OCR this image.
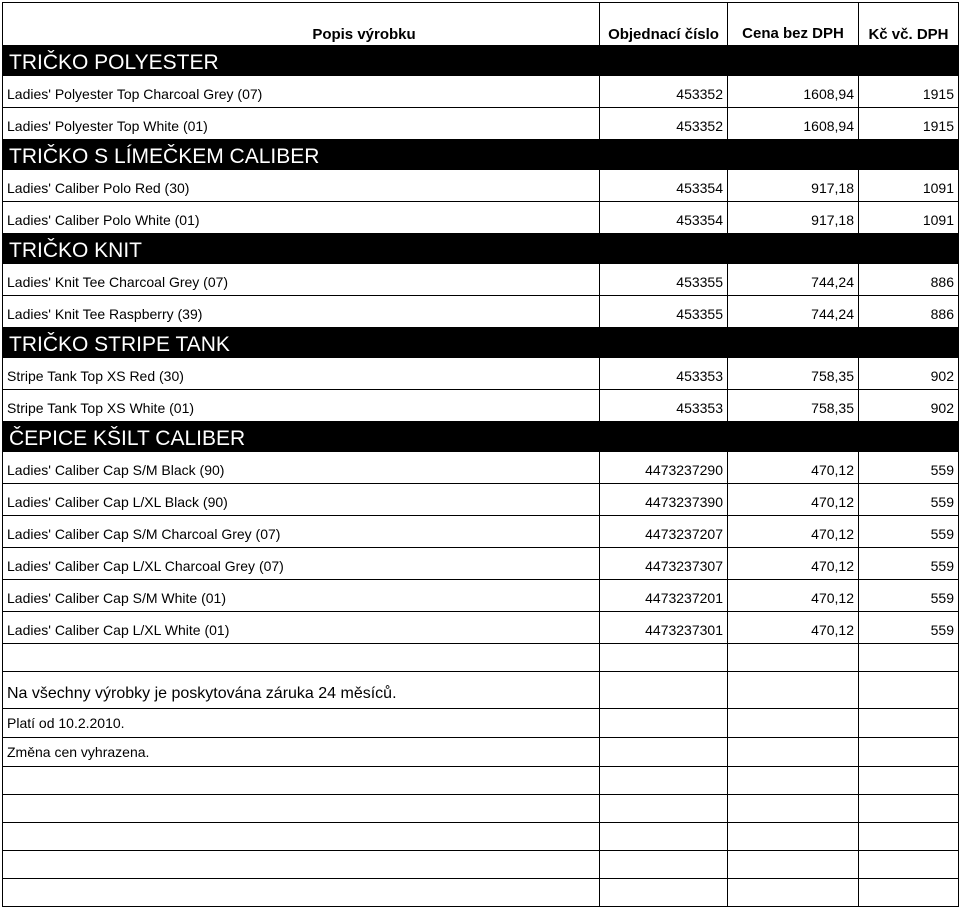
Popis výrobku	Objednací číslo	Cena bez DPH	Kč vč. DPH
TRIČKO POLYESTER			
Ladies' Polyester Top Charcoal Grey (07)	453352	1608,94	1915
Ladies' Polyester Top White (01)	453352	1608,94	1915
TRIČKO S LÍMEČKEM CALIBER			
Ladies' Caliber Polo Red (30)	453354	917,18	1091
Ladies' Caliber Polo White (01)	453354	917,18	1091
TRIČKO KNIT			
Ladies' Knit Tee Charcoal Grey (07)	453355	744,24	886
Ladies' Knit Tee Raspberry (39)	453355	744,24	886
TRIČKO STRIPE TANK			
Stripe Tank Top XS Red (30)	453353	758,35	902
Stripe Tank Top XS White (01)	453353	758,35	902
ČEPICE KŠILT CALIBER			
Ladies' Caliber Cap S/M Black (90)	4473237290	470,12	559
Ladies' Caliber Cap L/XL Black (90)	4473237390	470,12	559
Ladies' Caliber Cap S/M Charcoal Grey (07)	4473237207	470,12	559
Ladies' Caliber Cap L/XL Charcoal Grey (07)	4473237307	470,12	559
Ladies' Caliber Cap S/M White (01)	4473237201	470,12	559
Ladies' Caliber Cap L/XL White (01)	4473237301	470,12	559

Na všechny výrobky je poskytována záruka 24 měsíců.			
Platí od 10.2.2010.			
Změna cen vyhrazena.			
